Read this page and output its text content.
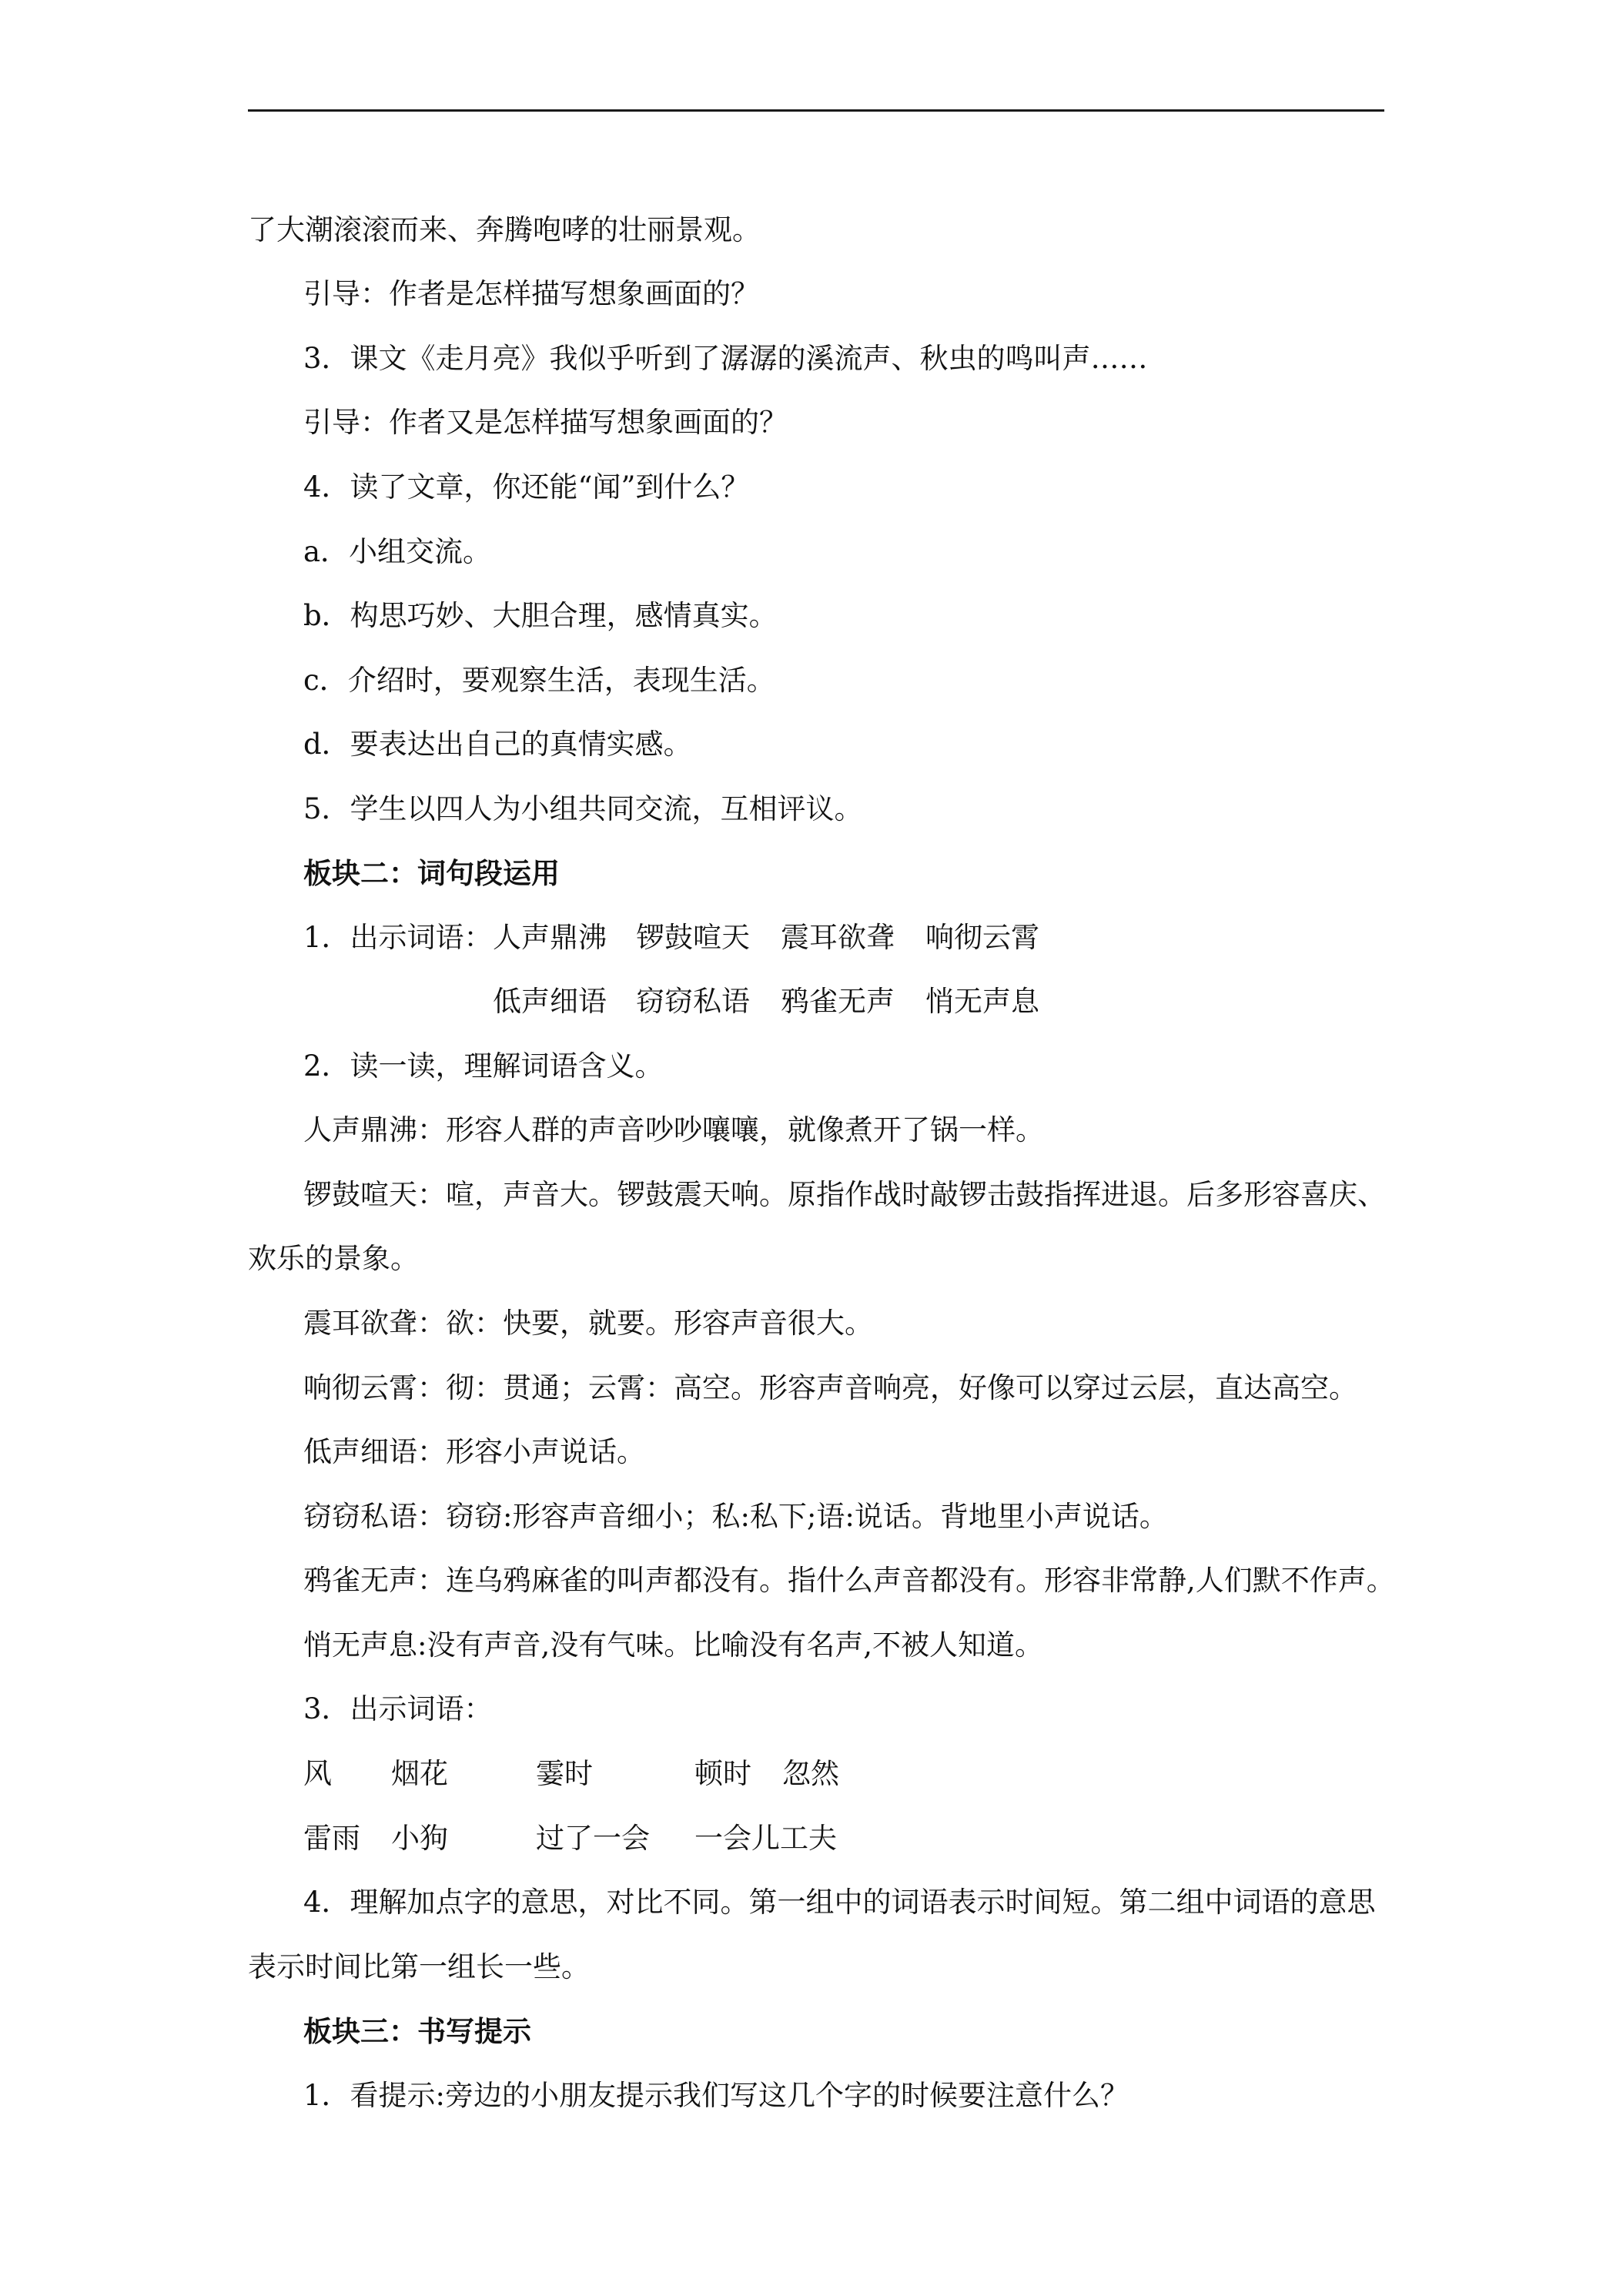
了大潮滚滚而来、奔腾咆哮的壮丽景观。
引导：作者是怎样描写想象画面的？
3．课文《走月亮》我似乎听到了潺潺的溪流声、秋虫的鸣叫声……
引导：作者又是怎样描写想象画面的？
4．读了文章，你还能“闻”到什么？
a．小组交流。
b．构思巧妙、大胆合理，感情真实。
c．介绍时，要观察生活，表现生活。
d．要表达出自己的真情实感。
5．学生以四人为小组共同交流，互相评议。
板块二：词句段运用
1．出示词语： 人声鼎沸 锣鼓喧天 震耳欲聋 响彻云霄
低声细语 窃窃私语 鸦雀无声 悄无声息
2．读一读，理解词语含义。
人声鼎沸：形容人群的声音吵吵嚷嚷，就像煮开了锅一样。
锣鼓喧天：喧，声音大。锣鼓震天响。原指作战时敲锣击鼓指挥进退。后多形容喜庆、
欢乐的景象。
震耳欲聋：欲：快要，就要。形容声音很大。
响彻云霄：彻：贯通；云霄：高空。形容声音响亮，好像可以穿过云层，直达高空。
低声细语：形容小声说话。
窃窃私语：窃窃:形容声音细小；私:私下;语:说话。背地里小声说话。
鸦雀无声：连乌鸦麻雀的叫声都没有。指什么声音都没有。形容非常静,人们默不作声。
悄无声息:没有声音,没有气味。比喻没有名声,不被人知道。
3．出示词语：
风 烟花	霎时	顿时 忽然
雷雨 小狗	过了一会 一会儿工夫
4．理解加点字的意思，对比不同。第一组中的词语表示时间短。第二组中词语的意思
表示时间比第一组长一些。
板块三：书写提示
1．看提示:旁边的小朋友提示我们写这几个字的时候要注意什么？
